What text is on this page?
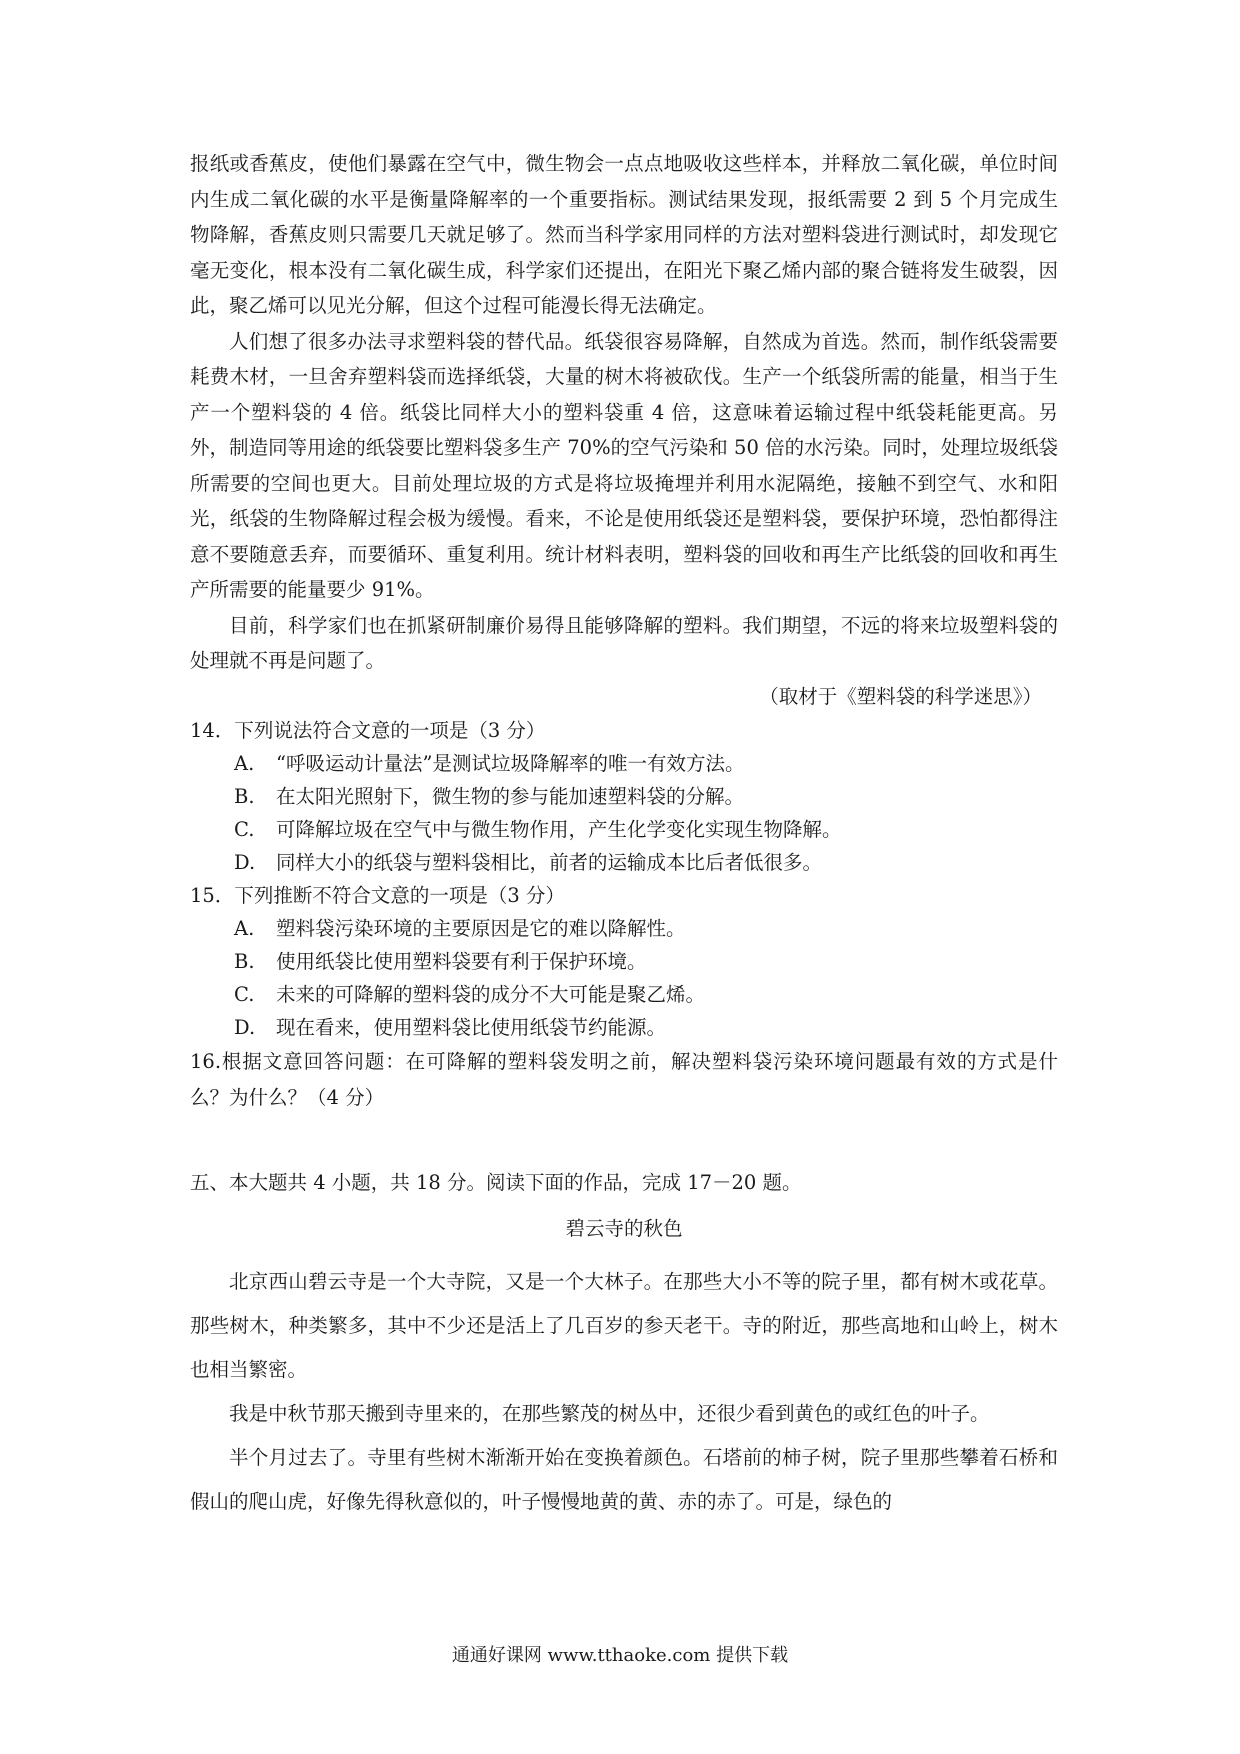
报纸或香蕉皮，使他们暴露在空气中，微生物会一点点地吸收这些样本，并释放二氧化碳，单位时间内生成二氧化碳的水平是衡量降解率的一个重要指标。测试结果发现，报纸需要 2 到 5 个月完成生物降解，香蕉皮则只需要几天就足够了。然而当科学家用同样的方法对塑料袋进行测试时，却发现它毫无变化，根本没有二氧化碳生成，科学家们还提出，在阳光下聚乙烯内部的聚合链将发生破裂，因此，聚乙烯可以见光分解，但这个过程可能漫长得无法确定。

人们想了很多办法寻求塑料袋的替代品。纸袋很容易降解，自然成为首选。然而，制作纸袋需要耗费木材，一旦舍弃塑料袋而选择纸袋，大量的树木将被砍伐。生产一个纸袋所需的能量，相当于生产一个塑料袋的 4 倍。纸袋比同样大小的塑料袋重 4 倍，这意味着运输过程中纸袋耗能更高。另外，制造同等用途的纸袋要比塑料袋多生产 70%的空气污染和 50 倍的水污染。同时，处理垃圾纸袋所需要的空间也更大。目前处理垃圾的方式是将垃圾掩埋并利用水泥隔绝，接触不到空气、水和阳光，纸袋的生物降解过程会极为缓慢。看来，不论是使用纸袋还是塑料袋，要保护环境，恐怕都得注意不要随意丢弃，而要循环、重复利用。统计材料表明，塑料袋的回收和再生产比纸袋的回收和再生产所需要的能量要少 91%。

目前，科学家们也在抓紧研制廉价易得且能够降解的塑料。我们期望，不远的将来垃圾塑料袋的处理就不再是问题了。

（取材于《塑料袋的科学迷思》）

14．下列说法符合文意的一项是（3 分）

A.	“呼吸运动计量法”是测试垃圾降解率的唯一有效方法。
B.	在太阳光照射下，微生物的参与能加速塑料袋的分解。
C.	可降解垃圾在空气中与微生物作用，产生化学变化实现生物降解。
D.	同样大小的纸袋与塑料袋相比，前者的运输成本比后者低很多。

15．下列推断不符合文意的一项是（3 分）

A.	塑料袋污染环境的主要原因是它的难以降解性。
B.	使用纸袋比使用塑料袋要有利于保护环境。
C.	未来的可降解的塑料袋的成分不大可能是聚乙烯。
D.	现在看来，使用塑料袋比使用纸袋节约能源。

16.根据文意回答问题：在可降解的塑料袋发明之前，解决塑料袋污染环境问题最有效的方式是什么？为什么？（4 分）

五、本大题共 4 小题，共 18 分。阅读下面的作品，完成 17－20 题。

碧云寺的秋色

北京西山碧云寺是一个大寺院，又是一个大林子。在那些大小不等的院子里，都有树木或花草。那些树木，种类繁多，其中不少还是活上了几百岁的参天老干。寺的附近，那些高地和山岭上，树木也相当繁密。

我是中秋节那天搬到寺里来的，在那些繁茂的树丛中，还很少看到黄色的或红色的叶子。

半个月过去了。寺里有些树木渐渐开始在变换着颜色。石塔前的柿子树，院子里那些攀着石桥和假山的爬山虎，好像先得秋意似的，叶子慢慢地黄的黄、赤的赤了。可是，绿色的

通通好课网 www.tthaoke.com 提供下载
